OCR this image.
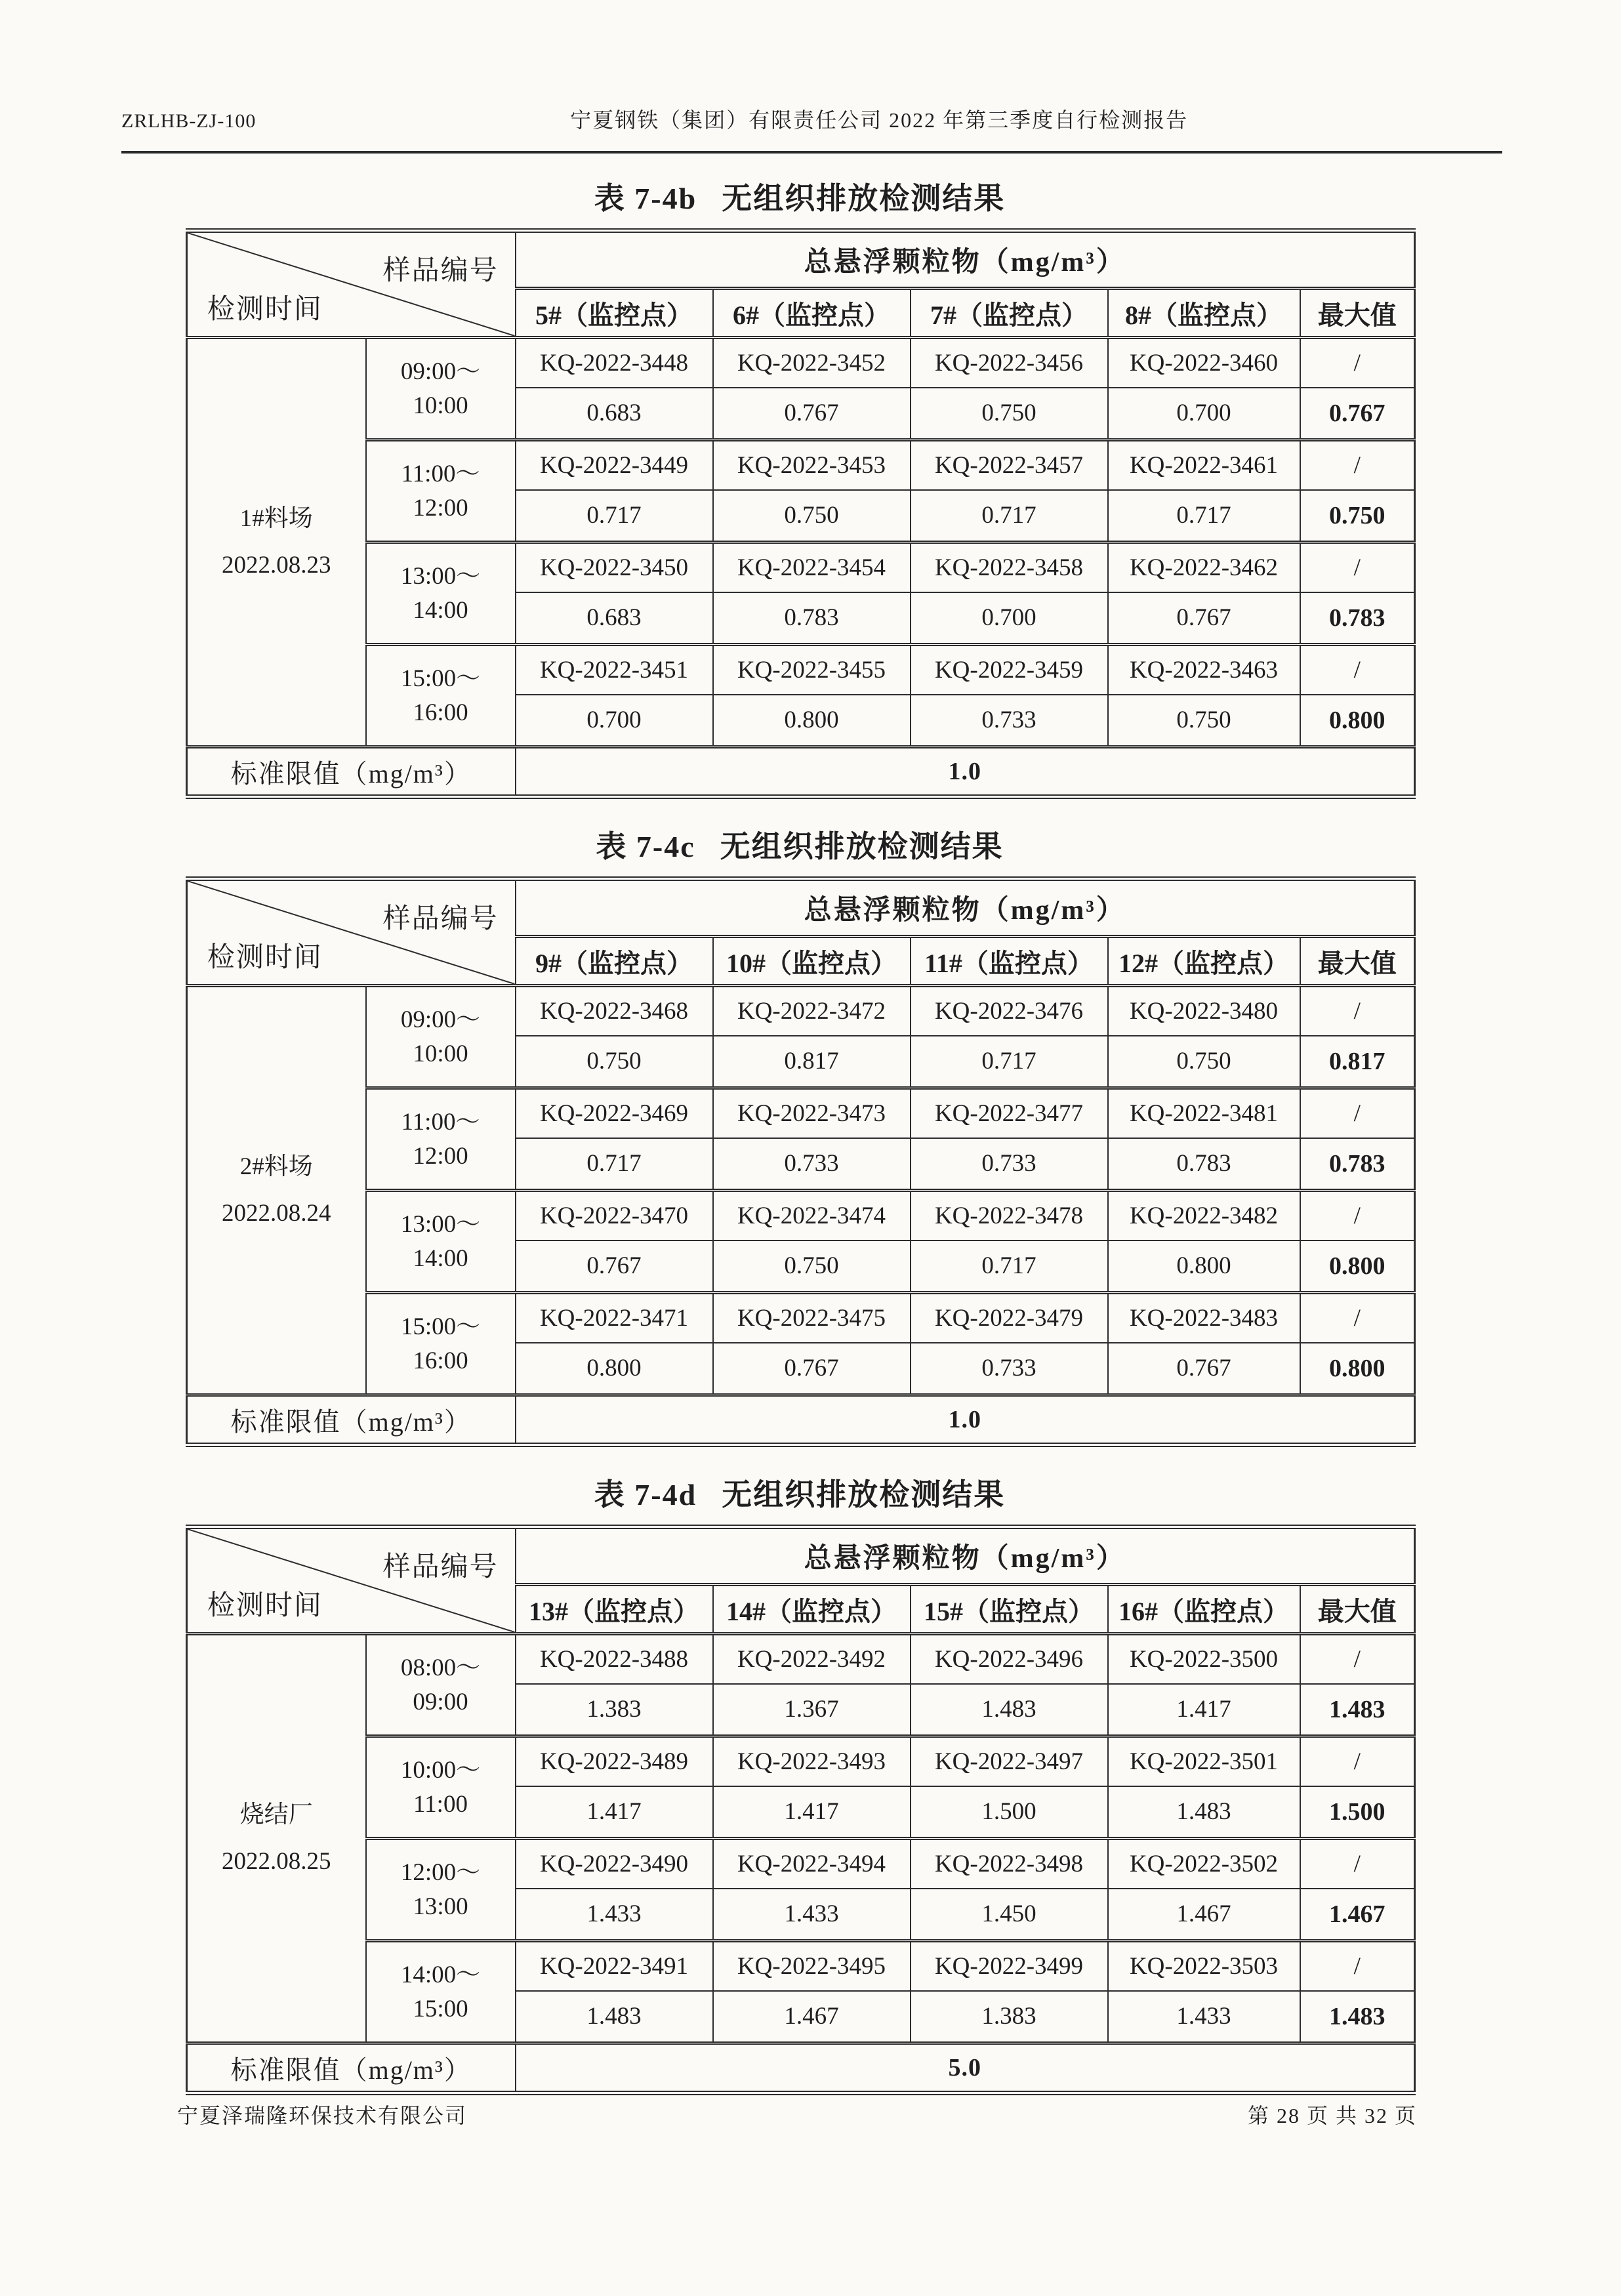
ZRLHB-ZJ-100	宁夏钢铁（集团）有限责任公司 2022 年第三季度自行检测报告
表 7-4b 无组织排放检测结果
样品编号
检测时间		总悬浮颗粒物（mg/m³）				
		5#（监控点）	6#（监控点）	7#（监控点）	8#（监控点）	最大值

1#料场
2022.08.23

09:00～
10:00
	KQ-2022-3448	KQ-2022-3452	KQ-2022-3456	KQ-2022-3460	/
		0.683	0.767	0.750	0.700	0.767

	11:00～
12:00	KQ-2022-3449	KQ-2022-3453	KQ-2022-3457	KQ-2022-3461	/
		0.717	0.750	0.717	0.717	0.750

	13:00～
14:00	KQ-2022-3450	KQ-2022-3454	KQ-2022-3458	KQ-2022-3462	/
		0.683	0.783	0.700	0.767	0.783

	15:00～
16:00	KQ-2022-3451	KQ-2022-3455	KQ-2022-3459	KQ-2022-3463	/
		0.700	0.800	0.733	0.750	0.800
标准限值（mg/m³）		1.0				
表 7-4c 无组织排放检测结果
样品编号
检测时间		总悬浮颗粒物（mg/m³）				
		9#（监控点）	10#（监控点）	11#（监控点）	12#（监控点）	最大值

2#料场
2022.08.24

09:00～
10:00
	KQ-2022-3468	KQ-2022-3472	KQ-2022-3476	KQ-2022-3480	/
		0.750	0.817	0.717	0.750	0.817

	11:00～
12:00	KQ-2022-3469	KQ-2022-3473	KQ-2022-3477	KQ-2022-3481	/
		0.717	0.733	0.733	0.783	0.783

	13:00～
14:00	KQ-2022-3470	KQ-2022-3474	KQ-2022-3478	KQ-2022-3482	/
		0.767	0.750	0.717	0.800	0.800

	15:00～
16:00	KQ-2022-3471	KQ-2022-3475	KQ-2022-3479	KQ-2022-3483	/
		0.800	0.767	0.733	0.767	0.800
标准限值（mg/m³）		1.0				
表 7-4d 无组织排放检测结果
样品编号
检测时间		总悬浮颗粒物（mg/m³）				
		13#（监控点）	14#（监控点）	15#（监控点）	16#（监控点）	最大值

烧结厂
2022.08.25

08:00～
09:00
	KQ-2022-3488	KQ-2022-3492	KQ-2022-3496	KQ-2022-3500	/
		1.383	1.367	1.483	1.417	1.483

	10:00～
11:00	KQ-2022-3489	KQ-2022-3493	KQ-2022-3497	KQ-2022-3501	/
		1.417	1.417	1.500	1.483	1.500

	12:00～
13:00	KQ-2022-3490	KQ-2022-3494	KQ-2022-3498	KQ-2022-3502	/
		1.433	1.433	1.450	1.467	1.467

	14:00～
15:00	KQ-2022-3491	KQ-2022-3495	KQ-2022-3499	KQ-2022-3503	/
		1.483	1.467	1.383	1.433	1.483
标准限值（mg/m³）		5.0				
宁夏泽瑞隆环保技术有限公司	第 28 页 共 32 页
